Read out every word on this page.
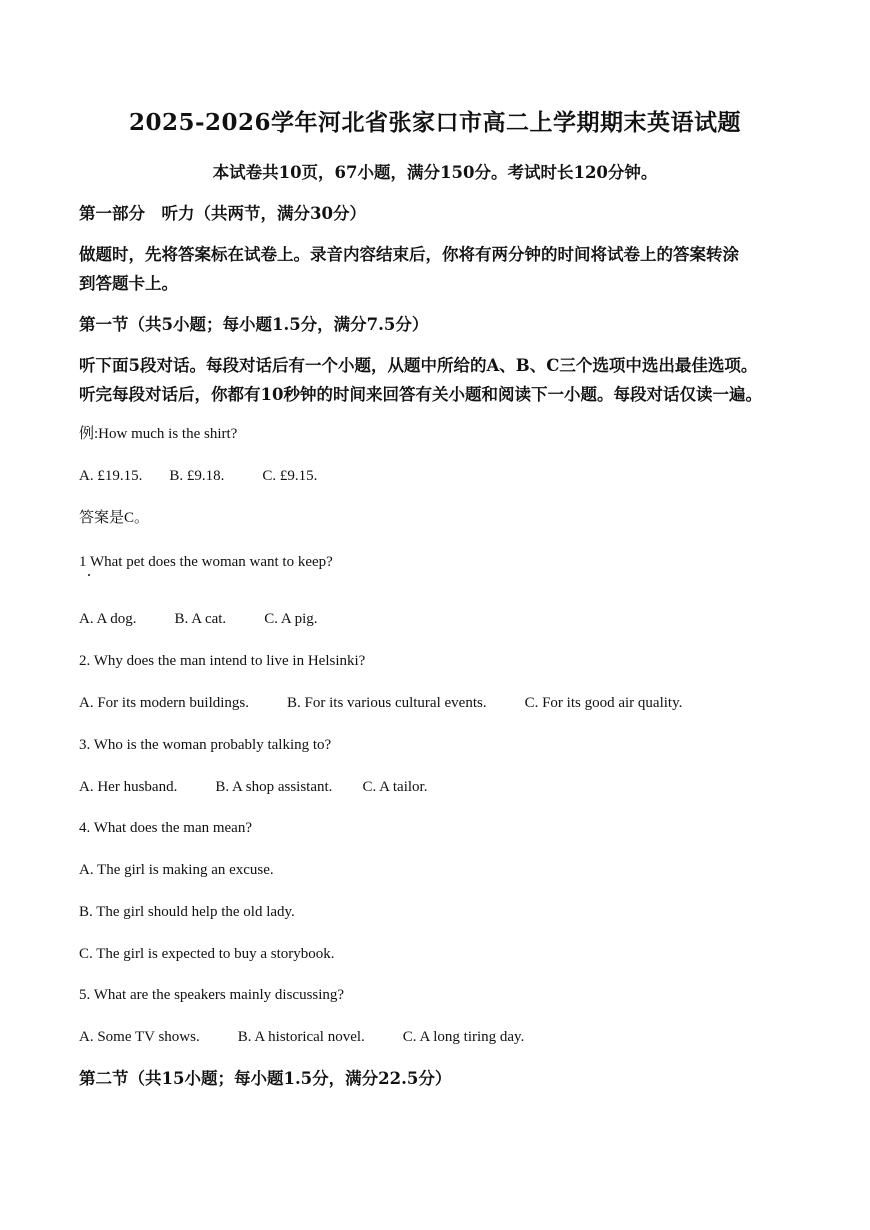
2025-2026学年河北省张家口市高二上学期期末英语试题
本试卷共10页，67小题，满分150分。考试时长120分钟。
第一部分　听力（共两节，满分30分）
做题时，先将答案标在试卷上。录音内容结束后，你将有两分钟的时间将试卷上的答案转涂
到答题卡上。
第一节（共5小题；每小题1.5分，满分7.5分）
听下面5段对话。每段对话后有一个小题，从题中所给的A、B、C三个选项中选出最佳选项。
听完每段对话后，你都有10秒钟的时间来回答有关小题和阅读下一小题。每段对话仅读一遍。
例:How much is the shirt?
A. £19.15. B. £9.18.	C. £9.15.
答案是C。
1 What pet does the woman want to keep?
A. A dog.	B. A cat.	C. A pig.
2. Why does the man intend to live in Helsinki?
A. For its modern buildings.	B. For its various cultural events.	C. For its good air quality.
3. Who is the woman probably talking to?
A. Her husband.	B. A shop assistant. C. A tailor.
4. What does the man mean?
A. The girl is making an excuse.
B. The girl should help the old lady.
C. The girl is expected to buy a storybook.
5. What are the speakers mainly discussing?
A. Some TV shows.	B. A historical novel.	C. A long tiring day.
第二节（共15小题；每小题1.5分，满分22.5分）
